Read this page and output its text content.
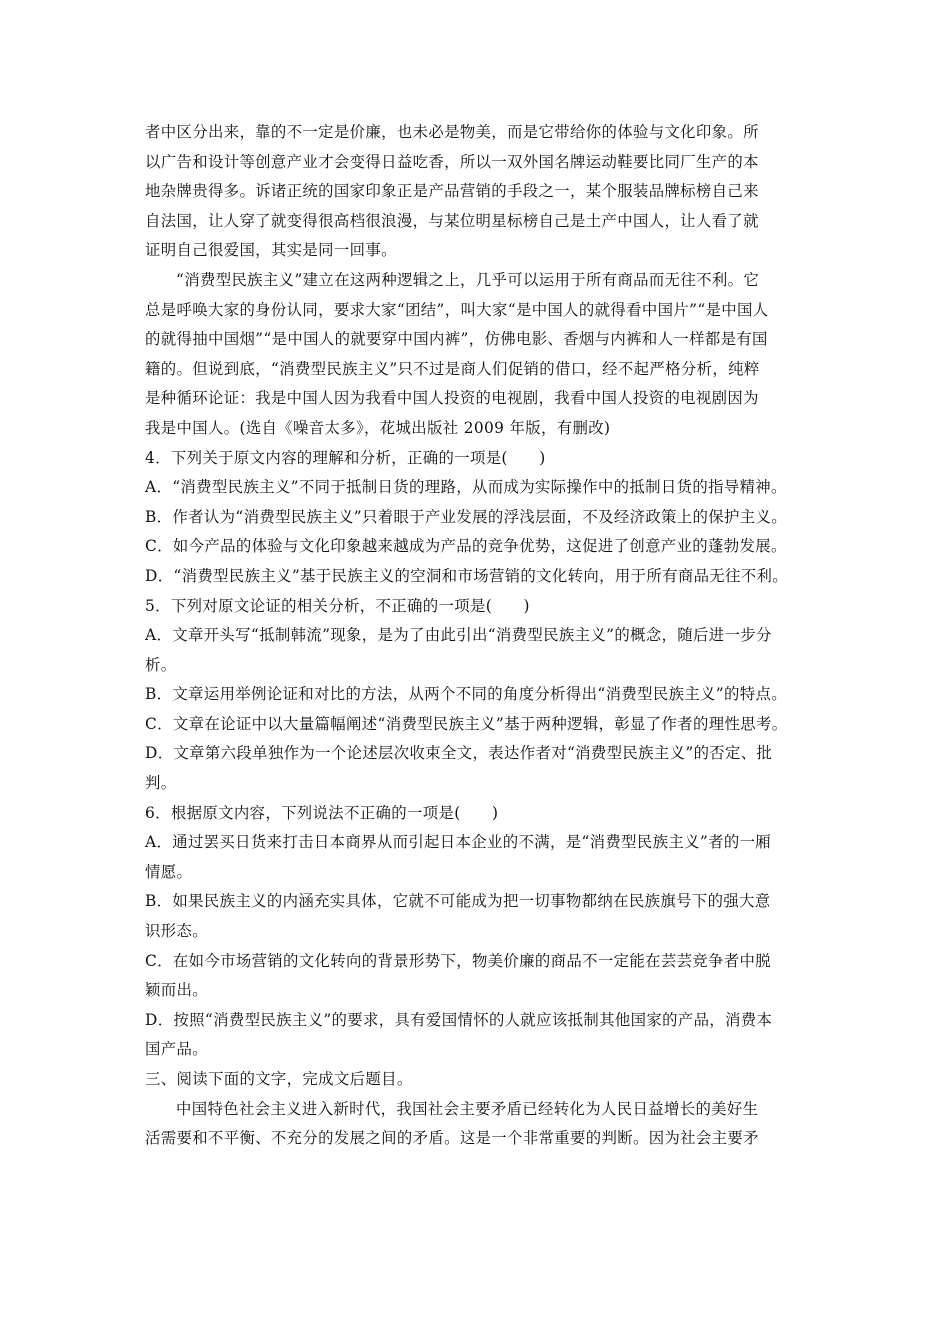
者中区分出来，靠的不一定是价廉，也未必是物美，而是它带给你的体验与文化印象。所
以广告和设计等创意产业才会变得日益吃香，所以一双外国名牌运动鞋要比同厂生产的本
地杂牌贵得多。诉诸正统的国家印象正是产品营销的手段之一，某个服装品牌标榜自己来
自法国，让人穿了就变得很高档很浪漫，与某位明星标榜自己是土产中国人，让人看了就
证明自己很爱国，其实是同一回事。
“消费型民族主义”建立在这两种逻辑之上，几乎可以运用于所有商品而无往不利。它
总是呼唤大家的身份认同，要求大家“团结”，叫大家“是中国人的就得看中国片”“是中国人
的就得抽中国烟”“是中国人的就要穿中国内裤”，仿佛电影、香烟与内裤和人一样都是有国
籍的。但说到底，“消费型民族主义”只不过是商人们促销的借口，经不起严格分析，纯粹
是种循环论证：我是中国人因为我看中国人投资的电视剧，我看中国人投资的电视剧因为
我是中国人。(选自《噪音太多》，花城出版社 2009 年版，有删改)
4．下列关于原文内容的理解和分析，正确的一项是(　　)
A．“消费型民族主义”不同于抵制日货的理路，从而成为实际操作中的抵制日货的指导精神。
B．作者认为“消费型民族主义”只着眼于产业发展的浮浅层面，不及经济政策上的保护主义。
C．如今产品的体验与文化印象越来越成为产品的竞争优势，这促进了创意产业的蓬勃发展。
D．“消费型民族主义”基于民族主义的空洞和市场营销的文化转向，用于所有商品无往不利。
5．下列对原文论证的相关分析，不正确的一项是(　　)
A．文章开头写“抵制韩流”现象，是为了由此引出“消费型民族主义”的概念，随后进一步分
析。
B．文章运用举例论证和对比的方法，从两个不同的角度分析得出“消费型民族主义”的特点。
C．文章在论证中以大量篇幅阐述“消费型民族主义”基于两种逻辑，彰显了作者的理性思考。
D．文章第六段单独作为一个论述层次收束全文，表达作者对“消费型民族主义”的否定、批
判。
6．根据原文内容，下列说法不正确的一项是(　　)
A．通过罢买日货来打击日本商界从而引起日本企业的不满，是“消费型民族主义”者的一厢
情愿。
B．如果民族主义的内涵充实具体，它就不可能成为把一切事物都纳在民族旗号下的强大意
识形态。
C．在如今市场营销的文化转向的背景形势下，物美价廉的商品不一定能在芸芸竞争者中脱
颖而出。
D．按照“消费型民族主义”的要求，具有爱国情怀的人就应该抵制其他国家的产品，消费本
国产品。
三、阅读下面的文字，完成文后题目。
中国特色社会主义进入新时代，我国社会主要矛盾已经转化为人民日益增长的美好生
活需要和不平衡、不充分的发展之间的矛盾。这是一个非常重要的判断。因为社会主要矛
